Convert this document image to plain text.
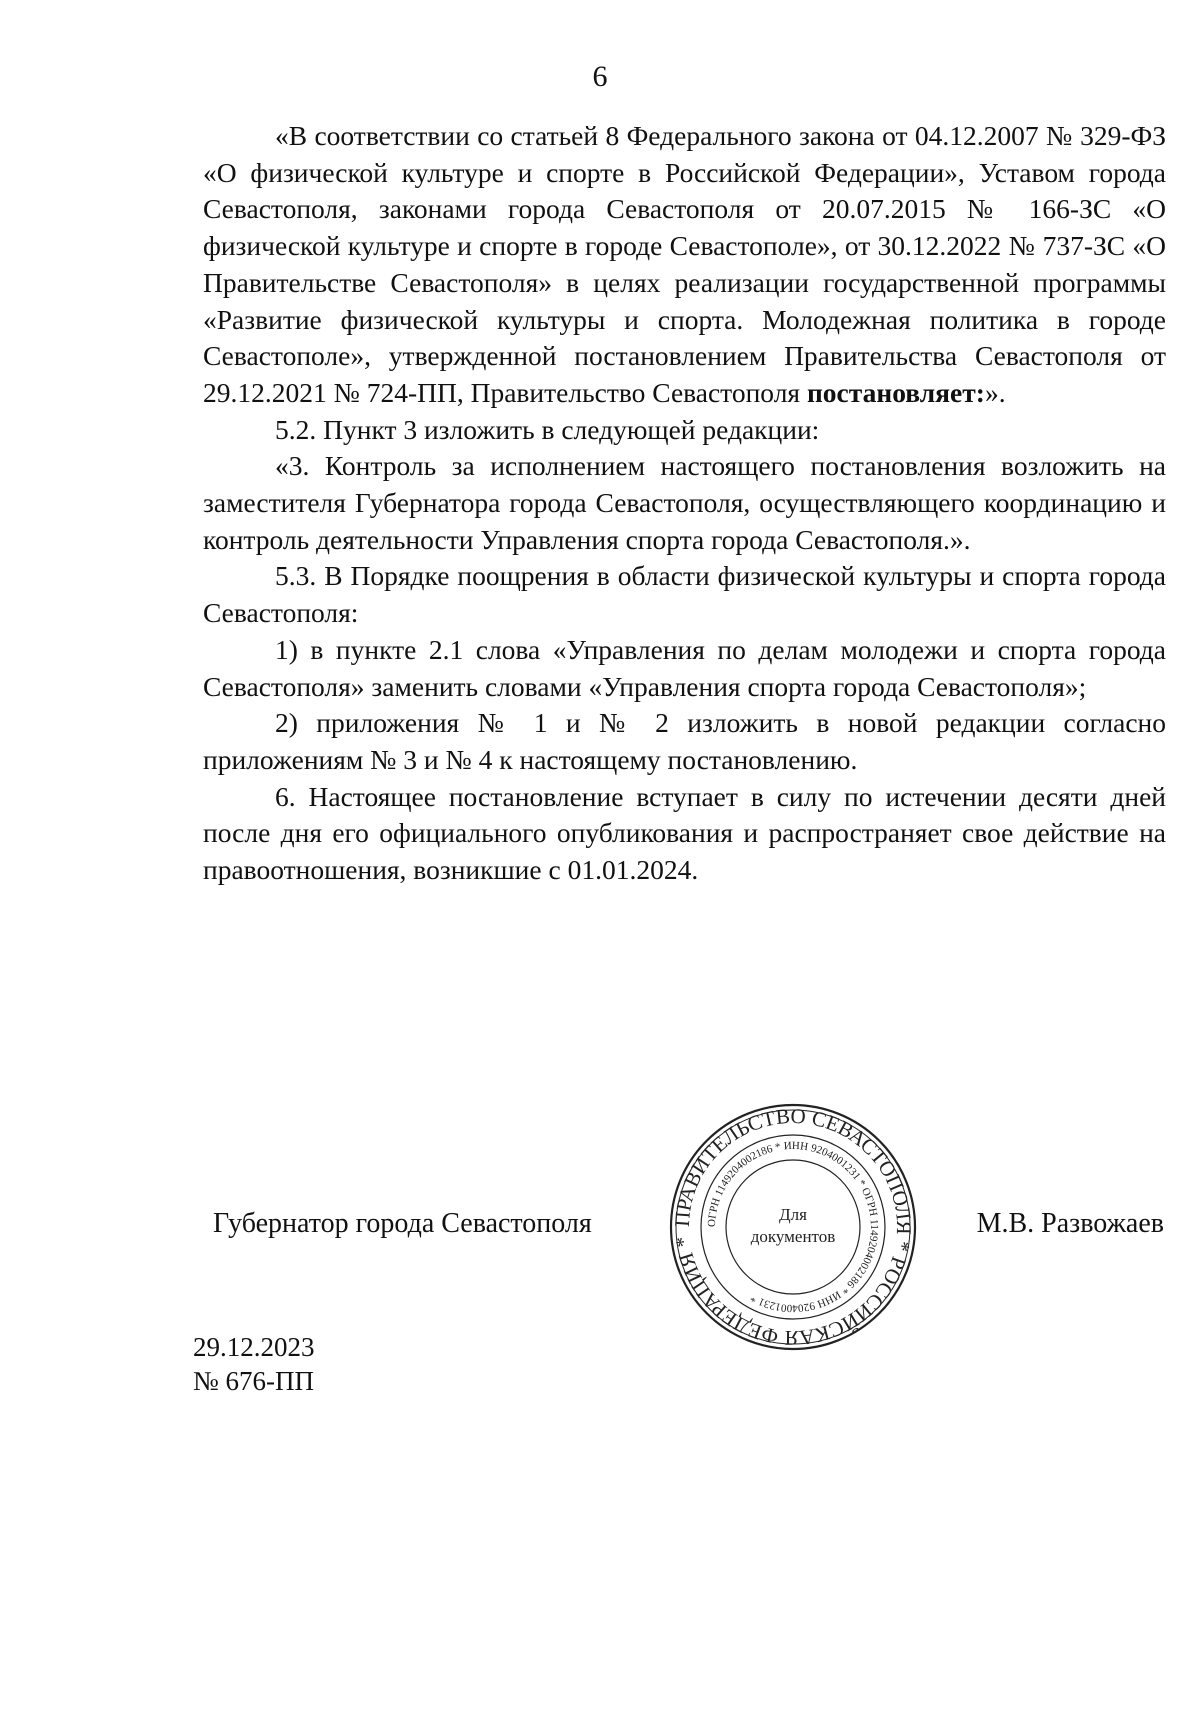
6

«В соответствии со статьей 8 Федерального закона от 04.12.2007 № 329-ФЗ «О физической культуре и спорте в Российской Федерации», Уставом города Севастополя, законами города Севастополя от 20.07.2015 № 166-ЗС «О физической культуре и спорте в городе Севастополе», от 30.12.2022 № 737-ЗС «О Правительстве Севастополя» в целях реализации государственной программы «Развитие физической культуры и спорта. Молодежная политика в городе Севастополе», утвержденной постановлением Правительства Севастополя от 29.12.2021 № 724-ПП, Правительство Севастополя постановляет:».

5.2. Пункт 3 изложить в следующей редакции:

«3. Контроль за исполнением настоящего постановления возложить на заместителя Губернатора города Севастополя, осуществляющего координацию и контроль деятельности Управления спорта города Севастополя.».

5.3. В Порядке поощрения в области физической культуры и спорта города Севастополя:

1) в пункте 2.1 слова «Управления по делам молодежи и спорта города Севастополя» заменить словами «Управления спорта города Севастополя»;

2) приложения № 1 и № 2 изложить в новой редакции согласно приложениям № 3 и № 4 к настоящему постановлению.

6. Настоящее постановление вступает в силу по истечении десяти дней после дня его официального опубликования и распространяет свое действие на правоотношения, возникшие с 01.01.2024.

Губернатор города Севастополя	ПРАВИТЕЛЬСТВО СЕВАСТОПОЛЯ * РОССИЙСКАЯ ФЕДЕРАЦИЯ *
ОГРН 1149204002186 * ИНН 9204001231 * ОГРН 1149204002186 * ИНН 9204001231 *
Для
документов	М.В. Развожаев
29.12.2023
№ 676-ПП
